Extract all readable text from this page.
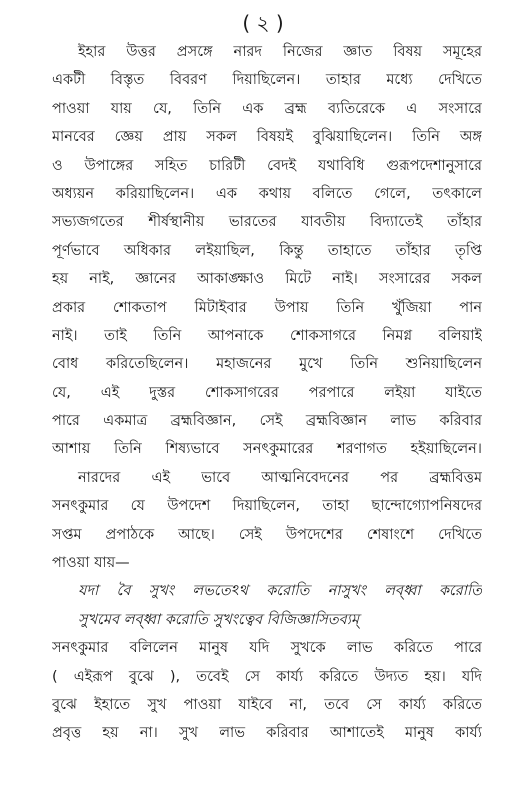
( ২ )
ইহার উত্তর প্রসঙ্গে নারদ নিজের জ্ঞাত বিষয় সমূহের
একটী বিস্তৃত বিবরণ দিয়াছিলেন। তাহার মধ্যে দেখিতে
পাওয়া যায় যে, তিনি এক ব্রহ্ম ব্যতিরেকে এ সংসারে
মানবের জ্ঞেয় প্রায় সকল বিষয়ই বুঝিয়াছিলেন। তিনি অঙ্গ
ও উপাঙ্গের সহিত চারিটী বেদই যথাবিধি গুরূপদেশানুসারে
অধ্যয়ন করিয়াছিলেন। এক কথায় বলিতে গেলে, তৎকালে
সভ্যজগতের শীর্ষস্থানীয় ভারতের যাবতীয় বিদ্যাতেই তাঁহার
পূর্ণভাবে অধিকার লইয়াছিল, কিন্তু তাহাতে তাঁহার তৃপ্তি
হয় নাই, জ্ঞানের আকাঙ্ক্ষাও মিটে নাই। সংসারের সকল
প্রকার শোকতাপ মিটাইবার উপায় তিনি খুঁজিয়া পান
নাই। তাই তিনি আপনাকে শোকসাগরে নিমগ্ন বলিয়াই
বোধ করিতেছিলেন। মহাজনের মুখে তিনি শুনিয়াছিলেন
যে, এই দুস্তর শোকসাগরের পরপারে লইয়া যাইতে
পারে একমাত্র ব্রহ্মবিজ্ঞান, সেই ব্রহ্মবিজ্ঞান লাভ করিবার
আশায় তিনি শিষ্যভাবে সনৎকুমারের শরণাগত হইয়াছিলেন।
নারদের এই ভাবে আত্মনিবেদনের পর ব্রহ্মবিত্তম
সনৎকুমার যে উপদেশ দিয়াছিলেন, তাহা ছান্দোগ্যোপনিষদের
সপ্তম প্রপাঠকে আছে। সেই উপদেশের শেষাংশে দেখিতে
পাওয়া যায়—
যদা বৈ সুখং লভতেঽথ করোতি নাসুখং লব্ধ্বা করোতি
সুখমেব লব্ধ্বা করোতি সুখংত্বেব বিজিজ্ঞাসিতব্যম্
সনৎকুমার বলিলেন মানুষ যদি সুখকে লাভ করিতে পারে
( এইরূপ বুঝে ), তবেই সে কার্য্য করিতে উদ্যত হয়। যদি
বুঝে ইহাতে সুখ পাওয়া যাইবে না, তবে সে কার্য্য করিতে
প্রবৃত্ত হয় না। সুখ লাভ করিবার আশাতেই মানুষ কার্য্য
